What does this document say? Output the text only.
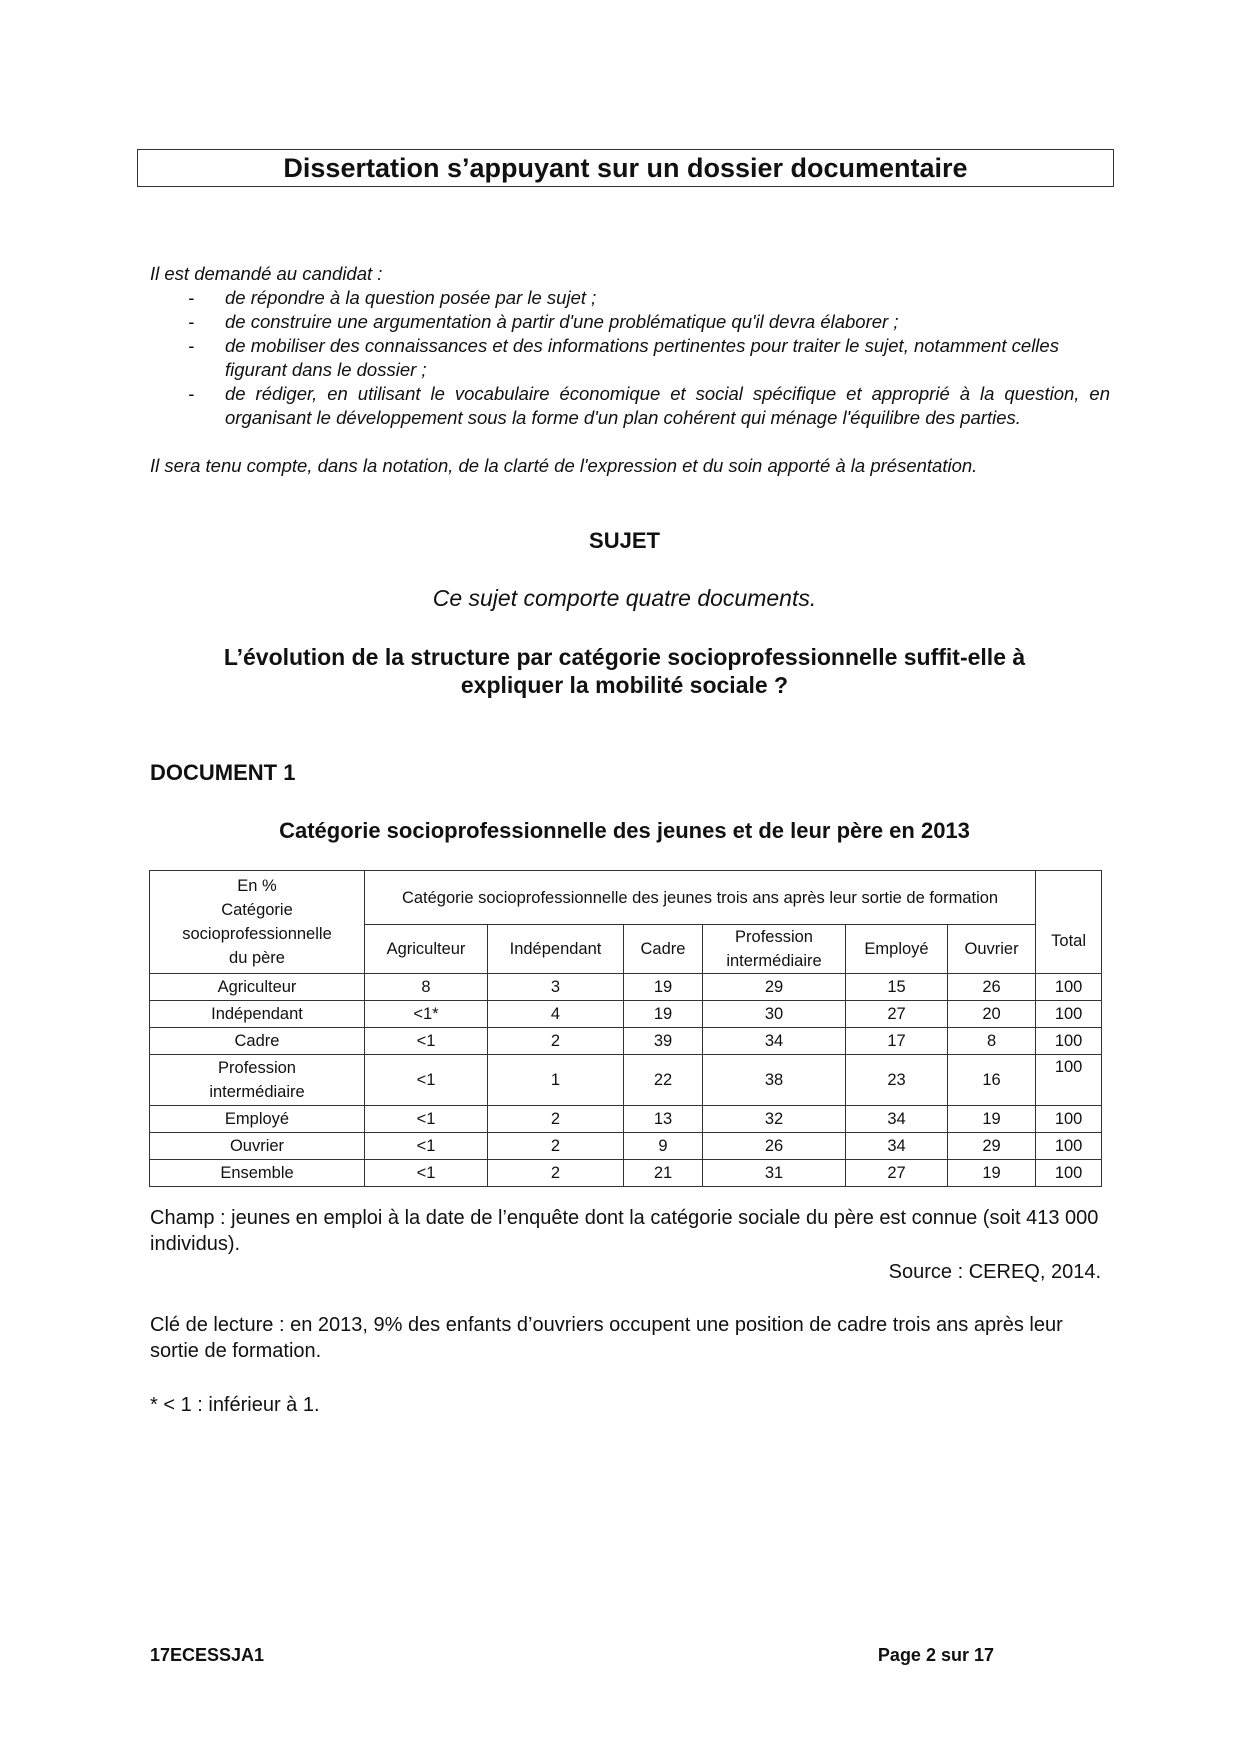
Dissertation s’appuyant sur un dossier documentaire
Il est demandé au candidat :
- de répondre à la question posée par le sujet ;
- de construire une argumentation à partir d'une problématique qu'il devra élaborer ;
- de mobiliser des connaissances et des informations pertinentes pour traiter le sujet, notamment celles figurant dans le dossier ;
- de rédiger, en utilisant le vocabulaire économique et social spécifique et approprié à la question, en organisant le développement sous la forme d'un plan cohérent qui ménage l'équilibre des parties.
Il sera tenu compte, dans la notation, de la clarté de l'expression et du soin apporté à la présentation.
SUJET
Ce sujet comporte quatre documents.
L’évolution de la structure par catégorie socioprofessionnelle suffit-elle à
expliquer la mobilité sociale ?
DOCUMENT 1
Catégorie socioprofessionnelle des jeunes et de leur père en 2013
En %
Catégorie
socioprofessionnelle
du père	Catégorie socioprofessionnelle des jeunes trois ans après leur sortie de formation						Total
	Agriculteur	Indépendant	Cadre	Profession intermédiaire	Employé	Ouvrier	
Agriculteur	8	3	19	29	15	26	100
Indépendant	<1*	4	19	30	27	20	100
Cadre	<1	2	39	34	17	8	100
Profession intermédiaire	<1	1	22	38	23	16	100
Employé	<1	2	13	32	34	19	100
Ouvrier	<1	2	9	26	34	29	100
Ensemble	<1	2	21	31	27	19	100
Champ : jeunes en emploi à la date de l’enquête dont la catégorie sociale du père est connue (soit 413 000 individus).
Source : CEREQ, 2014.
Clé de lecture : en 2013, 9% des enfants d’ouvriers occupent une position de cadre trois ans après leur sortie de formation.
* < 1 : inférieur à 1.
17ECESSJA1	Page 2 sur 17
